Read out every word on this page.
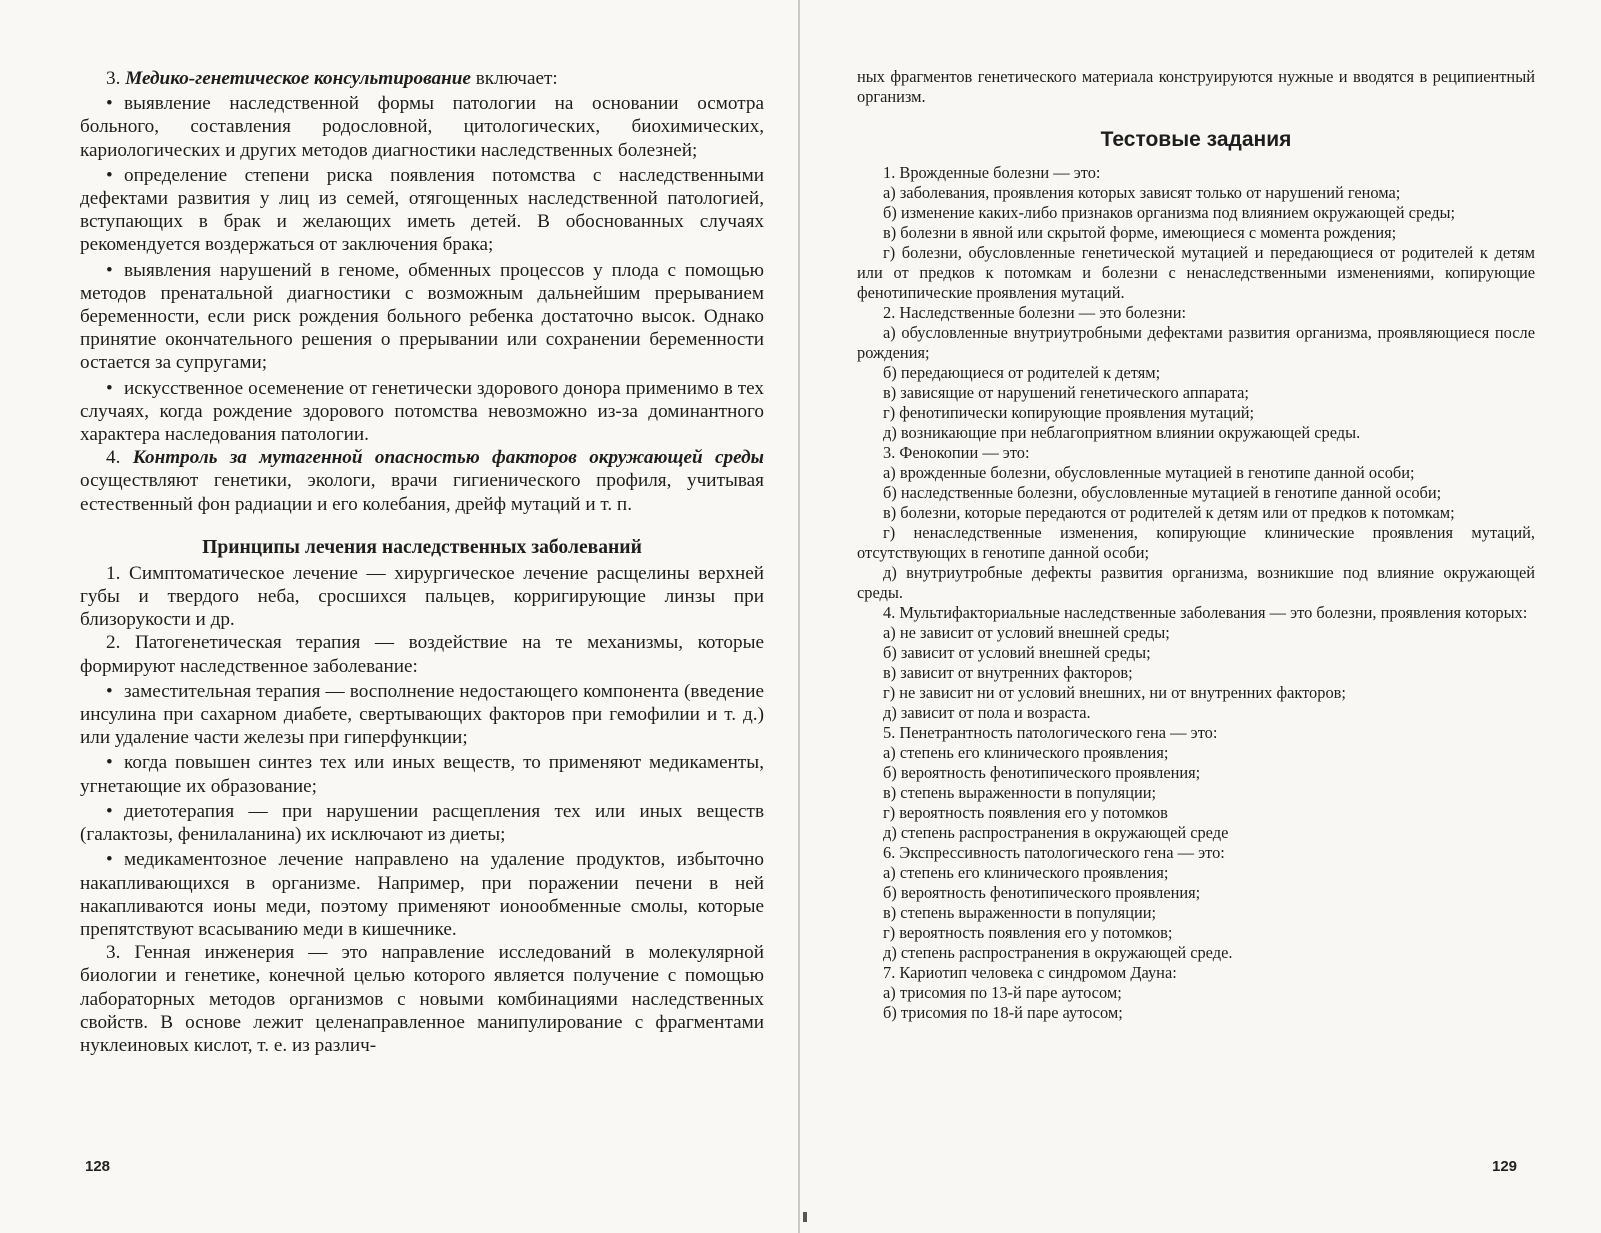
3. Медико-генетическое консультирование включает:

• выявление наследственной формы патологии на основании осмотра больного, составления родословной, цитологических, биохимических, кариологических и других методов диагностики наследственных болезней;

• определение степени риска появления потомства с наследственными дефектами развития у лиц из семей, отягощенных наследственной патологией, вступающих в брак и желающих иметь детей. В обоснованных случаях рекомендуется воздержаться от заключения брака;

• выявления нарушений в геноме, обменных процессов у плода с помощью методов пренатальной диагностики с возможным дальнейшим прерыванием беременности, если риск рождения больного ребенка достаточно высок. Однако принятие окончательного решения о прерывании или сохранении беременности остается за супругами;

• искусственное осеменение от генетически здорового донора применимо в тех случаях, когда рождение здорового потомства невозможно из-за доминантного характера наследования патологии.

4. Контроль за мутагенной опасностью факторов окружающей среды осуществляют генетики, экологи, врачи гигиенического профиля, учитывая естественный фон радиации и его колебания, дрейф мутаций и т. п.

Принципы лечения наследственных заболеваний

1. Симптоматическое лечение — хирургическое лечение расщелины верхней губы и твердого неба, сросшихся пальцев, корригирующие линзы при близорукости и др.

2. Патогенетическая терапия — воздействие на те механизмы, которые формируют наследственное заболевание:

• заместительная терапия — восполнение недостающего компонента (введение инсулина при сахарном диабете, свертывающих факторов при гемофилии и т. д.) или удаление части железы при гиперфункции;

• когда повышен синтез тех или иных веществ, то применяют медикаменты, угнетающие их образование;

• диетотерапия — при нарушении расщепления тех или иных веществ (галактозы, фенилаланина) их исключают из диеты;

• медикаментозное лечение направлено на удаление продуктов, избыточно накапливающихся в организме. Например, при поражении печени в ней накапливаются ионы меди, поэтому применяют ионообменные смолы, которые препятствуют всасыванию меди в кишечнике.

3. Генная инженерия — это направление исследований в молекулярной биологии и генетике, конечной целью которого является получение с помощью лабораторных методов организмов с новыми комбинациями наследственных свойств. В основе лежит целенаправленное манипулирование с фрагментами нуклеиновых кислот, т. е. из различ-

ных фрагментов генетического материала конструируются нужные и вводятся в реципиентный организм.

Тестовые задания

1. Врожденные болезни — это:

а) заболевания, проявления которых зависят только от нарушений генома;

б) изменение каких-либо признаков организма под влиянием окружающей среды;

в) болезни в явной или скрытой форме, имеющиеся с момента рождения;

г) болезни, обусловленные генетической мутацией и передающиеся от родителей к детям или от предков к потомкам и болезни с ненаследственными изменениями, копирующие фенотипические проявления мутаций.

2. Наследственные болезни — это болезни:

а) обусловленные внутриутробными дефектами развития организма, проявляющиеся после рождения;

б) передающиеся от родителей к детям;

в) зависящие от нарушений генетического аппарата;

г) фенотипически копирующие проявления мутаций;

д) возникающие при неблагоприятном влиянии окружающей среды.

3. Фенокопии — это:

а) врожденные болезни, обусловленные мутацией в генотипе данной особи;

б) наследственные болезни, обусловленные мутацией в генотипе данной особи;

в) болезни, которые передаются от родителей к детям или от предков к потомкам;

г) ненаследственные изменения, копирующие клинические проявления мутаций, отсутствующих в генотипе данной особи;

д) внутриутробные дефекты развития организма, возникшие под влияние окружающей среды.

4. Мультифакториальные наследственные заболевания — это болезни, проявления которых:

а) не зависит от условий внешней среды;

б) зависит от условий внешней среды;

в) зависит от внутренних факторов;

г) не зависит ни от условий внешних, ни от внутренних факторов;

д) зависит от пола и возраста.

5. Пенетрантность патологического гена — это:

а) степень его клинического проявления;

б) вероятность фенотипического проявления;

в) степень выраженности в популяции;

г) вероятность появления его у потомков

д) степень распространения в окружающей среде

6. Экспрессивность патологического гена — это:

а) степень его клинического проявления;

б) вероятность фенотипического проявления;

в) степень выраженности в популяции;

г) вероятность появления его у потомков;

д) степень распространения в окружающей среде.

7. Кариотип человека с синдромом Дауна:

а) трисомия по 13-й паре аутосом;

б) трисомия по 18-й паре аутосом;

128	129
